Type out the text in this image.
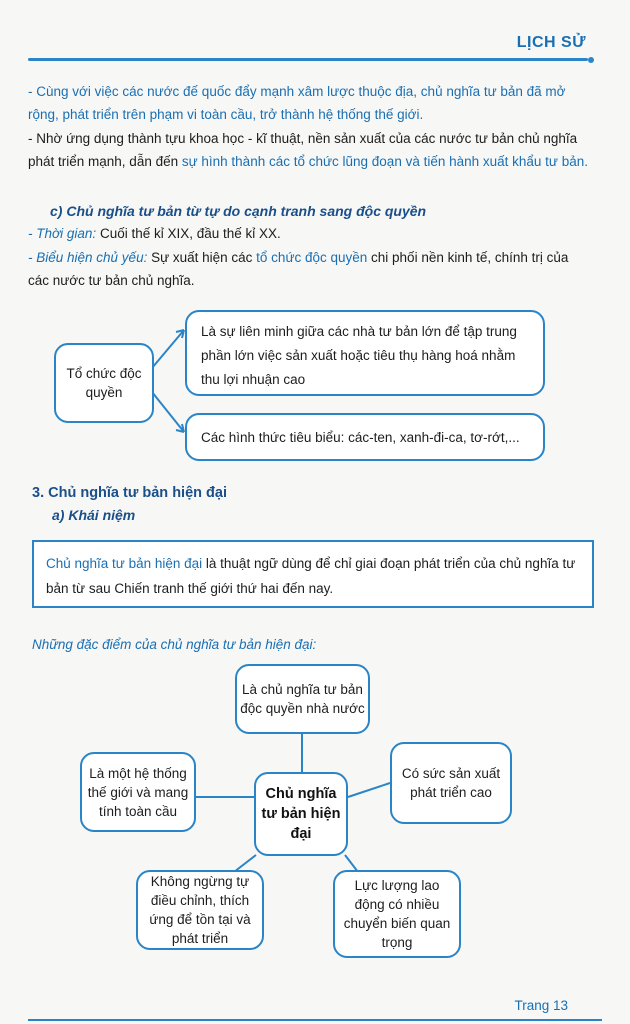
LỊCH SỬ
- Cùng với việc các nước đế quốc đẩy mạnh xâm lược thuộc địa, chủ nghĩa tư bản đã mở rộng, phát triển trên phạm vi toàn cầu, trở thành hệ thống thế giới.
- Nhờ ứng dụng thành tựu khoa học - kĩ thuật, nền sản xuất của các nước tư bản chủ nghĩa phát triển mạnh, dẫn đến sự hình thành các tổ chức lũng đoạn và tiến hành xuất khẩu tư bản.
c) Chủ nghĩa tư bản từ tự do cạnh tranh sang độc quyền
- Thời gian: Cuối thế kỉ XIX, đầu thế kỉ XX.
- Biểu hiện chủ yếu: Sự xuất hiện các tổ chức độc quyền chi phối nền kinh tế, chính trị của các nước tư bản chủ nghĩa.
Tổ chức độc quyền
Là sự liên minh giữa các nhà tư bản lớn để tập trung phần lớn việc sản xuất hoặc tiêu thụ hàng hoá nhằm thu lợi nhuận cao
Các hình thức tiêu biểu: các-ten, xanh-đi-ca, tơ-rớt,...
3. Chủ nghĩa tư bản hiện đại
a) Khái niệm
Chủ nghĩa tư bản hiện đại là thuật ngữ dùng để chỉ giai đoạn phát triển của chủ nghĩa tư bản từ sau Chiến tranh thế giới thứ hai đến nay.
Những đặc điểm của chủ nghĩa tư bản hiện đại:
Là chủ nghĩa tư bản độc quyền nhà nước
Là một hệ thống thế giới và mang tính toàn cầu
Chủ nghĩa tư bản hiện đại
Có sức sản xuất phát triển cao
Không ngừng tự điều chỉnh, thích ứng để tồn tại và phát triển
Lực lượng lao động có nhiều chuyển biến quan trọng
Trang 13
